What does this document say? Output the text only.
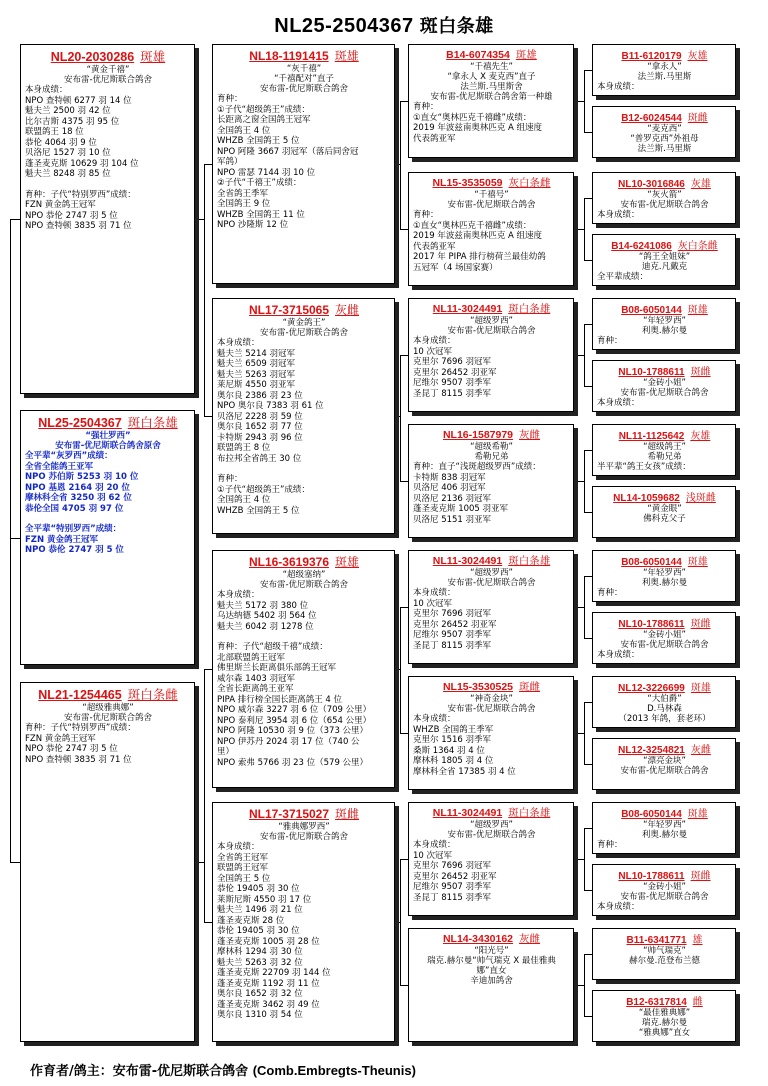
NL25-2504367 斑白条雄
NL20-2030286 斑雄
“黄金千禧”
安布雷-优尼斯联合鸽舍
本身成绩：
NPO 查特顿 6277 羽 14 位
魁夫兰 2500 羽 42 位
比尔吉斯 4375 羽 95 位
联盟鸽王 18 位
恭伦 4064 羽 9 位
贝洛尼 1527 羽 10 位
蓬圣麦克斯 10629 羽 104 位
魁夫兰 8248 羽 85 位
育种：子代“特别罗西”成绩：
FZN 黄金鸽王冠军
NPO 恭伦 2747 羽 5 位
NPO 查特顿 3835 羽 71 位
NL25-2504367 斑白条雄
“强壮罗西”
安布雷-优尼斯联合鸽舍原舍
全平辈“灰罗西”成绩：
全省全能鸽王亚军
NPO 苏伯斯 5253 羽 10 位
NPO 基恩 2164 羽 20 位
摩林科全省 3250 羽 62 位
恭伦全国 4705 羽 97 位
全平辈“特别罗西”成绩：
FZN 黄金鸽王冠军
NPO 恭伦 2747 羽 5 位
NL21-1254465 斑白条雌
“超级雅典娜”
安布雷-优尼斯联合鸽舍
育种：子代“特别罗西”成绩：
FZN 黄金鸽王冠军
NPO 恭伦 2747 羽 5 位
NPO 查特顿 3835 羽 71 位
NL18-1191415 斑雄
“灰千禧”
“千禧配对”直子
安布雷-优尼斯联合鸽舍
育种：
①子代“超级鸽王”成绩：
长距离之窗全国鸽王冠军
全国鸽王 4 位
WHZB 全国鸽王 5 位
NPO 阿隆 3667 羽冠军（落后同舍冠
军鸽）
NPO 雷瑟 7144 羽 10 位
②子代“千禧王”成绩：
全省鸽王季军
全国鸽王 9 位
WHZB 全国鸽王 11 位
NPO 沙隆斯 12 位
NL17-3715065 灰雌
“黄金鸽王”
安布雷-优尼斯联合鸽舍
本身成绩：
魁夫兰 5214 羽冠军
魁夫兰 6509 羽冠军
魁夫兰 5263 羽冠军
莱尼斯 4550 羽亚军
奥尔良 2386 羽 23 位
NPO 奥尔良 7383 羽 61 位
贝洛尼 2228 羽 59 位
奥尔良 1652 羽 77 位
卡特斯 2943 羽 96 位
联盟鸽王 8 位
布拉邦全省鸽王 30 位
育种：
①子代“超级鸽王”成绩：
全国鸽王 4 位
WHZB 全国鸽王 5 位
NL16-3619376 斑雄
“超级塞纳”
安布雷-优尼斯联合鸽舍
本身成绩：
魁夫兰 5172 羽 380 位
乌达纳德 5402 羽 564 位
魁夫兰 6042 羽 1278 位
育种：子代“超级千禧”成绩：
北部联盟鸽王冠军
佛里斯兰长距离俱乐部鸽王冠军
威尔森 1403 羽冠军
全省长距离鸽王亚军
PIPA 排行榜全国长距离鸽王 4 位
NPO 威尔森 3227 羽 6 位（709 公里）
NPO 泰利尼 3954 羽 6 位（654 公里）
NPO 阿隆 10530 羽 9 位（373 公里）
NPO 伊苏丹 2024 羽 17 位（740 公
里）
NPO 索弗 5766 羽 23 位（579 公里）
NL17-3715027 斑雌
“雅典娜罗西”
安布雷-优尼斯联合鸽舍
本身成绩：
全省鸽王冠军
联盟鸽王冠军
全国鸽王 5 位
恭伦 19405 羽 30 位
莱斯尼斯 4550 羽 17 位
魁夫兰 1496 羽 21 位
蓬圣麦克斯 28 位
恭伦 19405 羽 30 位
蓬圣麦克斯 1005 羽 28 位
摩林科 1294 羽 30 位
魁夫兰 5263 羽 32 位
蓬圣麦克斯 22709 羽 144 位
蓬圣麦克斯 1192 羽 11 位
奥尔良 1652 羽 32 位
蓬圣麦克斯 3462 羽 49 位
奥尔良 1310 羽 54 位
B14-6074354 斑雄
“千禧先生”
“拿永人 X 麦克西”直子
法兰斯.马里斯舍
安布雷-优尼斯联合鸽舍第一种雄
育种：
①直女“奥林匹克千禧雌”成绩：
2019 年波兹南奥林匹克 A 组速度
代表鸽亚军
NL15-3535059 灰白条雌
“千禧号”
安布雷-优尼斯联合鸽舍
育种：
①直女“奥林匹克千禧雌”成绩：
2019 年波兹南奥林匹克 A 组速度
代表鸽亚军
2017 年 PIPA 排行榜荷兰最佳幼鸽
五冠军（4 场国家赛）
NL11-3024491 斑白条雄
“超级罗西”
安布雷-优尼斯联合鸽舍
本身成绩：
10 次冠军
克里尔 7696 羽冠军
克里尔 26452 羽亚军
尼维尔 9507 羽季军
圣昆丁 8115 羽季军
NL16-1587979 灰雌
“超级希勒”
希勒兄弟
育种：直子“浅斑超级罗西”成绩：
卡特斯 838 羽冠军
贝洛尼 406 羽冠军
贝洛尼 2136 羽冠军
蓬圣麦克斯 1005 羽亚军
贝洛尼 5151 羽亚军
NL11-3024491 斑白条雄
“超级罗西”
安布雷-优尼斯联合鸽舍
本身成绩：
10 次冠军
克里尔 7696 羽冠军
克里尔 26452 羽亚军
尼维尔 9507 羽季军
圣昆丁 8115 羽季军
NL15-3530525 斑雌
“神奇金块”
安布雷-优尼斯联合鸽舍
本身成绩：
WHZB 全国鸽王季军
克里尔 1516 羽季军
桑斯 1364 羽 4 位
摩林科 1805 羽 4 位
摩林科全省 17385 羽 4 位
NL11-3024491 斑白条雄
“超级罗西”
安布雷-优尼斯联合鸽舍
本身成绩：
10 次冠军
克里尔 7696 羽冠军
克里尔 26452 羽亚军
尼维尔 9507 羽季军
圣昆丁 8115 羽季军
NL14-3430162 灰雌
“阳光号”
瑞克.赫尔曼“帅气瑞克 X 最佳雅典
娜”直女
辛迪加鸽舍
B11-6120179 灰雄
“拿永人”
法兰斯.马里斯
本身成绩：
B12-6024544 斑雌
“麦克西”
“普罗克西”外祖母
法兰斯.马里斯
NL10-3016846 灰雄
“灰火箭”
安布雷-优尼斯联合鸽舍
本身成绩：
B14-6241086 灰白条雌
“鸽王全姐妹”
迪克.凡戴克
全平辈成绩：
B08-6050144 斑雄
“年轻罗西”
利奥.赫尔曼
育种：
NL10-1788611 斑雌
“金砖小姐”
安布雷-优尼斯联合鸽舍
本身成绩：
NL11-1125642 灰雄
“超级鸽王”
希勒兄弟
半平辈“鸽王女孩”成绩：
NL14-1059682 浅斑雌
“黄金眼”
佛科克父子
B08-6050144 斑雄
“年轻罗西”
利奥.赫尔曼
育种：
NL10-1788611 斑雌
“金砖小姐”
安布雷-优尼斯联合鸽舍
本身成绩：
NL12-3226699 斑雄
“大伯爵”
D.马林森
（2013 年鸽，套老环）
NL12-3254821 灰雌
“漂亮金块”
安布雷-优尼斯联合鸽舍
B08-6050144 斑雄
“年轻罗西”
利奥.赫尔曼
育种：
NL10-1788611 斑雌
“金砖小姐”
安布雷-优尼斯联合鸽舍
本身成绩：
B11-6341771 雄
“帅气瑞克”
赫尔曼.范登布兰德
B12-6317814 雌
“最佳雅典娜”
瑞克.赫尔曼
“雅典娜”直女
作育者/鸽主：安布雷-优尼斯联合鸽舍 (Comb.Embregts-Theunis)
